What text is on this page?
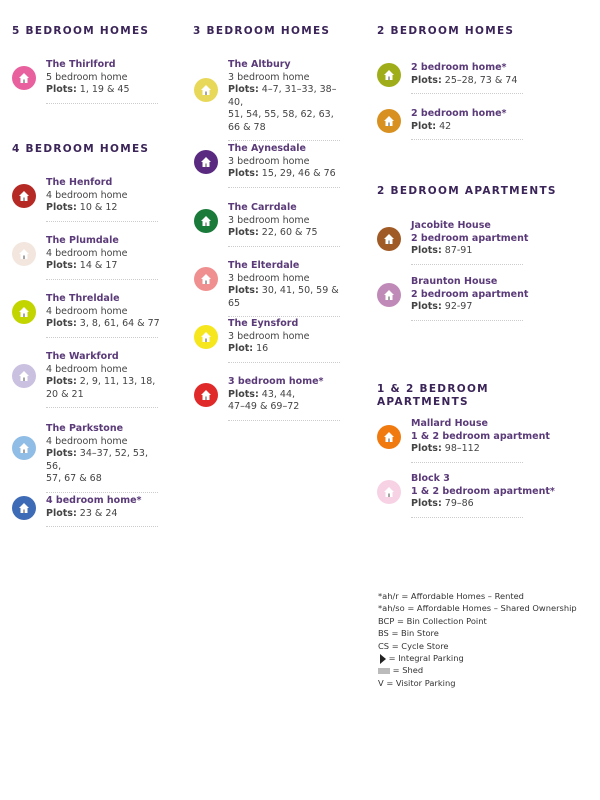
5 BEDROOM HOMES
4 BEDROOM HOMES
3 BEDROOM HOMES	2 BEDROOM HOMES
2 BEDROOM APARTMENTS
1 & 2 BEDROOM APARTMENTS
The Thirlford
5 bedroom home
Plots: 1, 19 & 45
The Henford
4 bedroom home
Plots: 10 & 12
The Plumdale
4 bedroom home
Plots: 14 & 17
The Threldale
4 bedroom home
Plots: 3, 8, 61, 64 & 77
The Warkford
4 bedroom home
Plots: 2, 9, 11, 13, 18,
20 & 21
The Parkstone
4 bedroom home
Plots: 34–37, 52, 53, 56,
57, 67 & 68
4 bedroom home*
Plots: 23 & 24
The Altbury
3 bedroom home
Plots: 4–7, 31–33, 38–40,
51, 54, 55, 58, 62, 63,
66 & 78
The Aynesdale
3 bedroom home
Plots: 15, 29, 46 & 76
The Carrdale
3 bedroom home
Plots: 22, 60 & 75
The Elterdale
3 bedroom home
Plots: 30, 41, 50, 59 & 65
The Eynsford
3 bedroom home
Plot: 16
3 bedroom home*
Plots: 43, 44,
47–49 & 69–72
2 bedroom home*
Plots: 25–28, 73 & 74
2 bedroom home*
Plot: 42
Jacobite House
2 bedroom apartment
Plots: 87-91
Braunton House
2 bedroom apartment
Plots: 92-97
Mallard House
1 & 2 bedroom apartment
Plots: 98–112
Block 3
1 & 2 bedroom apartment*
Plots: 79–86
*ah/r = Affordable Homes – Rented
*ah/so = Affordable Homes – Shared Ownership
BCP = Bin Collection Point
BS = Bin Store
CS = Cycle Store
= Integral Parking
= Shed
V = Visitor Parking
